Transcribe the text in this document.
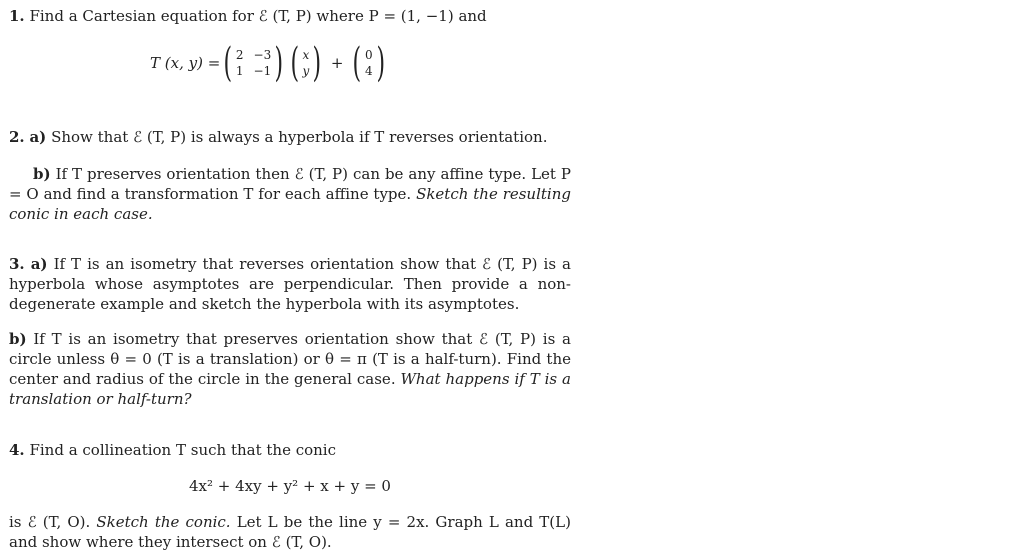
1. Find a Cartesian equation for ℰ (T, P) where P = (1, −1) and
T (x, y) = ( 2 −3
1 −1 ) ( x
y ) + ( 0
4 )
2. a) Show that ℰ (T, P) is always a hyperbola if T reverses orientation.
b) If T preserves orientation then ℰ (T, P) can be any affine type. Let P = O and find a transformation T for each affine type. Sketch the resulting conic in each case.
3. a) If T is an isometry that reverses orientation show that ℰ (T, P) is a hyperbola whose asymptotes are perpendicular. Then provide a non-degenerate example and sketch the hyperbola with its asymptotes.
b) If T is an isometry that preserves orientation show that ℰ (T, P) is a circle unless θ = 0 (T is a translation) or θ = π (T is a half-turn). Find the center and radius of the circle in the general case. What happens if T is a translation or half-turn?
4. Find a collineation T such that the conic
4x² + 4xy + y² + x + y = 0
is ℰ (T, O). Sketch the conic. Let L be the line y = 2x. Graph L and T(L) and show where they intersect on ℰ (T, O).
